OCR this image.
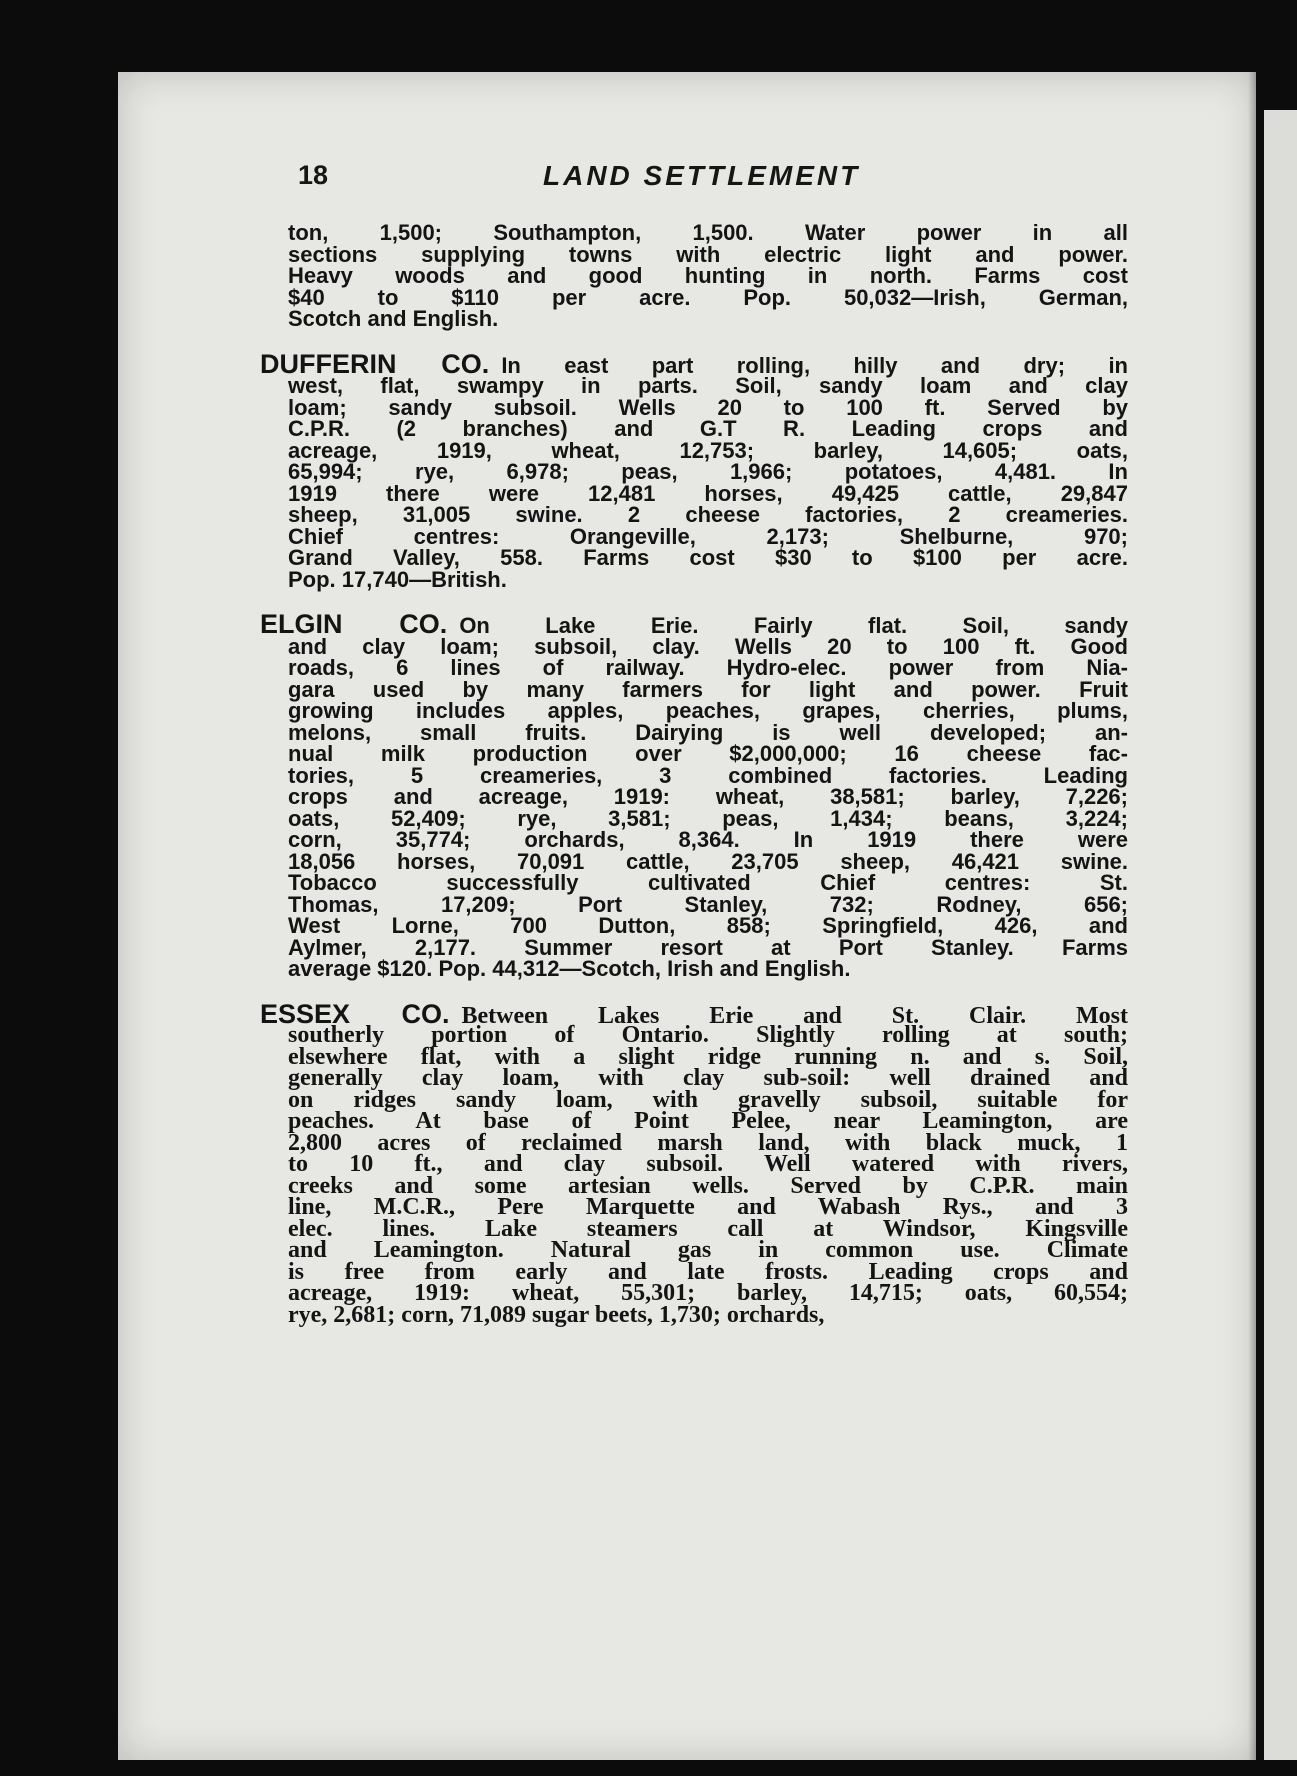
18	LAND SETTLEMENT
ton, 1,500; Southampton, 1,500. Water power in all
sections supplying towns with electric light and power.
Heavy woods and good hunting in north. Farms cost
$40 to $110 per acre. Pop. 50,032—Irish, German,
Scotch and English.
DUFFERIN CO. In east part rolling, hilly and dry; in
west, flat, swampy in parts. Soil, sandy loam and clay
loam; sandy subsoil. Wells 20 to 100 ft. Served by
C.P.R. (2 branches) and G.T R. Leading crops and
acreage, 1919, wheat, 12,753; barley, 14,605; oats,
65,994; rye, 6,978; peas, 1,966; potatoes, 4,481. In
1919 there were 12,481 horses, 49,425 cattle, 29,847
sheep, 31,005 swine. 2 cheese factories, 2 creameries.
Chief centres: Orangeville, 2,173; Shelburne, 970;
Grand Valley, 558. Farms cost $30 to $100 per acre.
Pop. 17,740—British.
ELGIN CO. On Lake Erie. Fairly flat. Soil, sandy
and clay loam; subsoil, clay. Wells 20 to 100 ft. Good
roads, 6 lines of railway. Hydro-elec. power from Nia-
gara used by many farmers for light and power. Fruit
growing includes apples, peaches, grapes, cherries, plums,
melons, small fruits. Dairying is well developed; an-
nual milk production over $2,000,000; 16 cheese fac-
tories, 5 creameries, 3 combined factories. Leading
crops and acreage, 1919: wheat, 38,581; barley, 7,226;
oats, 52,409; rye, 3,581; peas, 1,434; beans, 3,224;
corn, 35,774; orchards, 8,364. In 1919 there were
18,056 horses, 70,091 cattle, 23,705 sheep, 46,421 swine.
Tobacco successfully cultivated Chief centres: St.
Thomas, 17,209; Port Stanley, 732; Rodney, 656;
West Lorne, 700 Dutton, 858; Springfield, 426, and
Aylmer, 2,177. Summer resort at Port Stanley. Farms
average $120. Pop. 44,312—Scotch, Irish and English.
ESSEX CO. Between Lakes Erie and St. Clair. Most
southerly portion of Ontario. Slightly rolling at south;
elsewhere flat, with a slight ridge running n. and s. Soil,
generally clay loam, with clay sub-soil: well drained and
on ridges sandy loam, with gravelly subsoil, suitable for
peaches. At base of Point Pelee, near Leamington, are
2,800 acres of reclaimed marsh land, with black muck, 1
to 10 ft., and clay subsoil. Well watered with rivers,
creeks and some artesian wells. Served by C.P.R. main
line, M.C.R., Pere Marquette and Wabash Rys., and 3
elec. lines. Lake steamers call at Windsor, Kingsville
and Leamington. Natural gas in common use. Climate
is free from early and late frosts. Leading crops and
acreage, 1919: wheat, 55,301; barley, 14,715; oats, 60,554;
rye, 2,681; corn, 71,089 sugar beets, 1,730; orchards,
